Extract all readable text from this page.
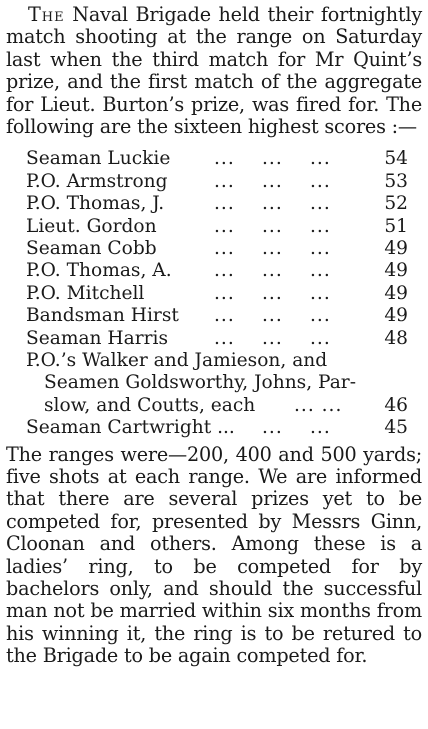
The Naval Brigade held their fortnightly match shooting at the range on Saturday last when the third match for Mr Quint’s prize, and the first match of the aggregate for Lieut. Burton’s prize, was fired for. The following are the sixteen highest scores :—

Seaman Luckie ... ... ...	54
P.O. Armstrong ... ... ...	53
P.O. Thomas, J.	... ... ...	52
Lieut. Gordon	... ... ...	51
Seaman Cobb	... ... ...	49
P.O. Thomas, A. ... ... ...	49
P.O. Mitchell	... ... ...	49
Bandsman Hirst ... ... ...	49
Seaman Harris ... ... ...	48
P.O.’s Walker and Jamieson, and
Seamen Goldsworthy, Johns, Par-
slow, and Coutts, each ... ...	46
Seaman Cartwright ... ... ...	45

The ranges were—200, 400 and 500 yards; five shots at each range. We are informed that there are several prizes yet to be competed for, presented by Messrs Ginn, Cloonan and others. Among these is a ladies’ ring, to be competed for by bachelors only, and should the successful man not be married within six months from his winning it, the ring is to be retured to the Brigade to be again competed for.
